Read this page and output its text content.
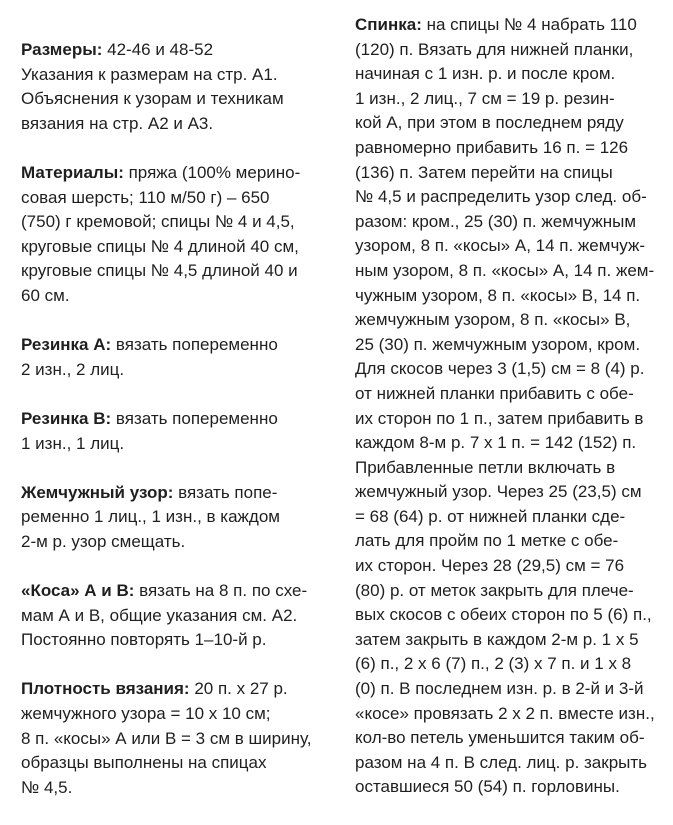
Размеры: 42-46 и 48-52
Указания к размерам на стр. А1.
Объяснения к узорам и техникам
вязания на стр. А2 и А3.
Материалы: пряжа (100% мерино-
совая шерсть; 110 м/50 г) – 650
(750) г кремовой; спицы № 4 и 4,5,
круговые спицы № 4 длиной 40 см,
круговые спицы № 4,5 длиной 40 и
60 см.
Резинка А: вязать попеременно
2 изн., 2 лиц.
Резинка В: вязать попеременно
1 изн., 1 лиц.
Жемчужный узор: вязать попе-
ременно 1 лиц., 1 изн., в каждом
2-м р. узор смещать.
«Коса» А и В: вязать на 8 п. по схе-
мам А и В, общие указания см. А2.
Постоянно повторять 1–10-й р.
Плотность вязания: 20 п. х 27 р.
жемчужного узора = 10 х 10 см;
8 п. «косы» А или В = 3 см в ширину,
образцы выполнены на спицах
№ 4,5.
Спинка: на спицы № 4 набрать 110
(120) п. Вязать для нижней планки,
начиная с 1 изн. р. и после кром.
1 изн., 2 лиц., 7 см = 19 р. резин-
кой А, при этом в последнем ряду
равномерно прибавить 16 п. = 126
(136) п. Затем перейти на спицы
№ 4,5 и распределить узор след. об-
разом: кром., 25 (30) п. жемчужным
узором, 8 п. «косы» А, 14 п. жемчуж-
ным узором, 8 п. «косы» А, 14 п. жем-
чужным узором, 8 п. «косы» В, 14 п.
жемчужным узором, 8 п. «косы» В,
25 (30) п. жемчужным узором, кром.
Для скосов через 3 (1,5) см = 8 (4) р.
от нижней планки прибавить с обе-
их сторон по 1 п., затем прибавить в
каждом 8-м р. 7 х 1 п. = 142 (152) п.
Прибавленные петли включать в
жемчужный узор. Через 25 (23,5) см
= 68 (64) р. от нижней планки сде-
лать для пройм по 1 метке с обе-
их сторон. Через 28 (29,5) см = 76
(80) р. от меток закрыть для плече-
вых скосов с обеих сторон по 5 (6) п.,
затем закрыть в каждом 2-м р. 1 х 5
(6) п., 2 х 6 (7) п., 2 (3) х 7 п. и 1 х 8
(0) п. В последнем изн. р. в 2-й и 3-й
«косе» провязать 2 х 2 п. вместе изн.,
кол-во петель уменьшится таким об-
разом на 4 п. В след. лиц. р. закрыть
оставшиеся 50 (54) п. горловины.
